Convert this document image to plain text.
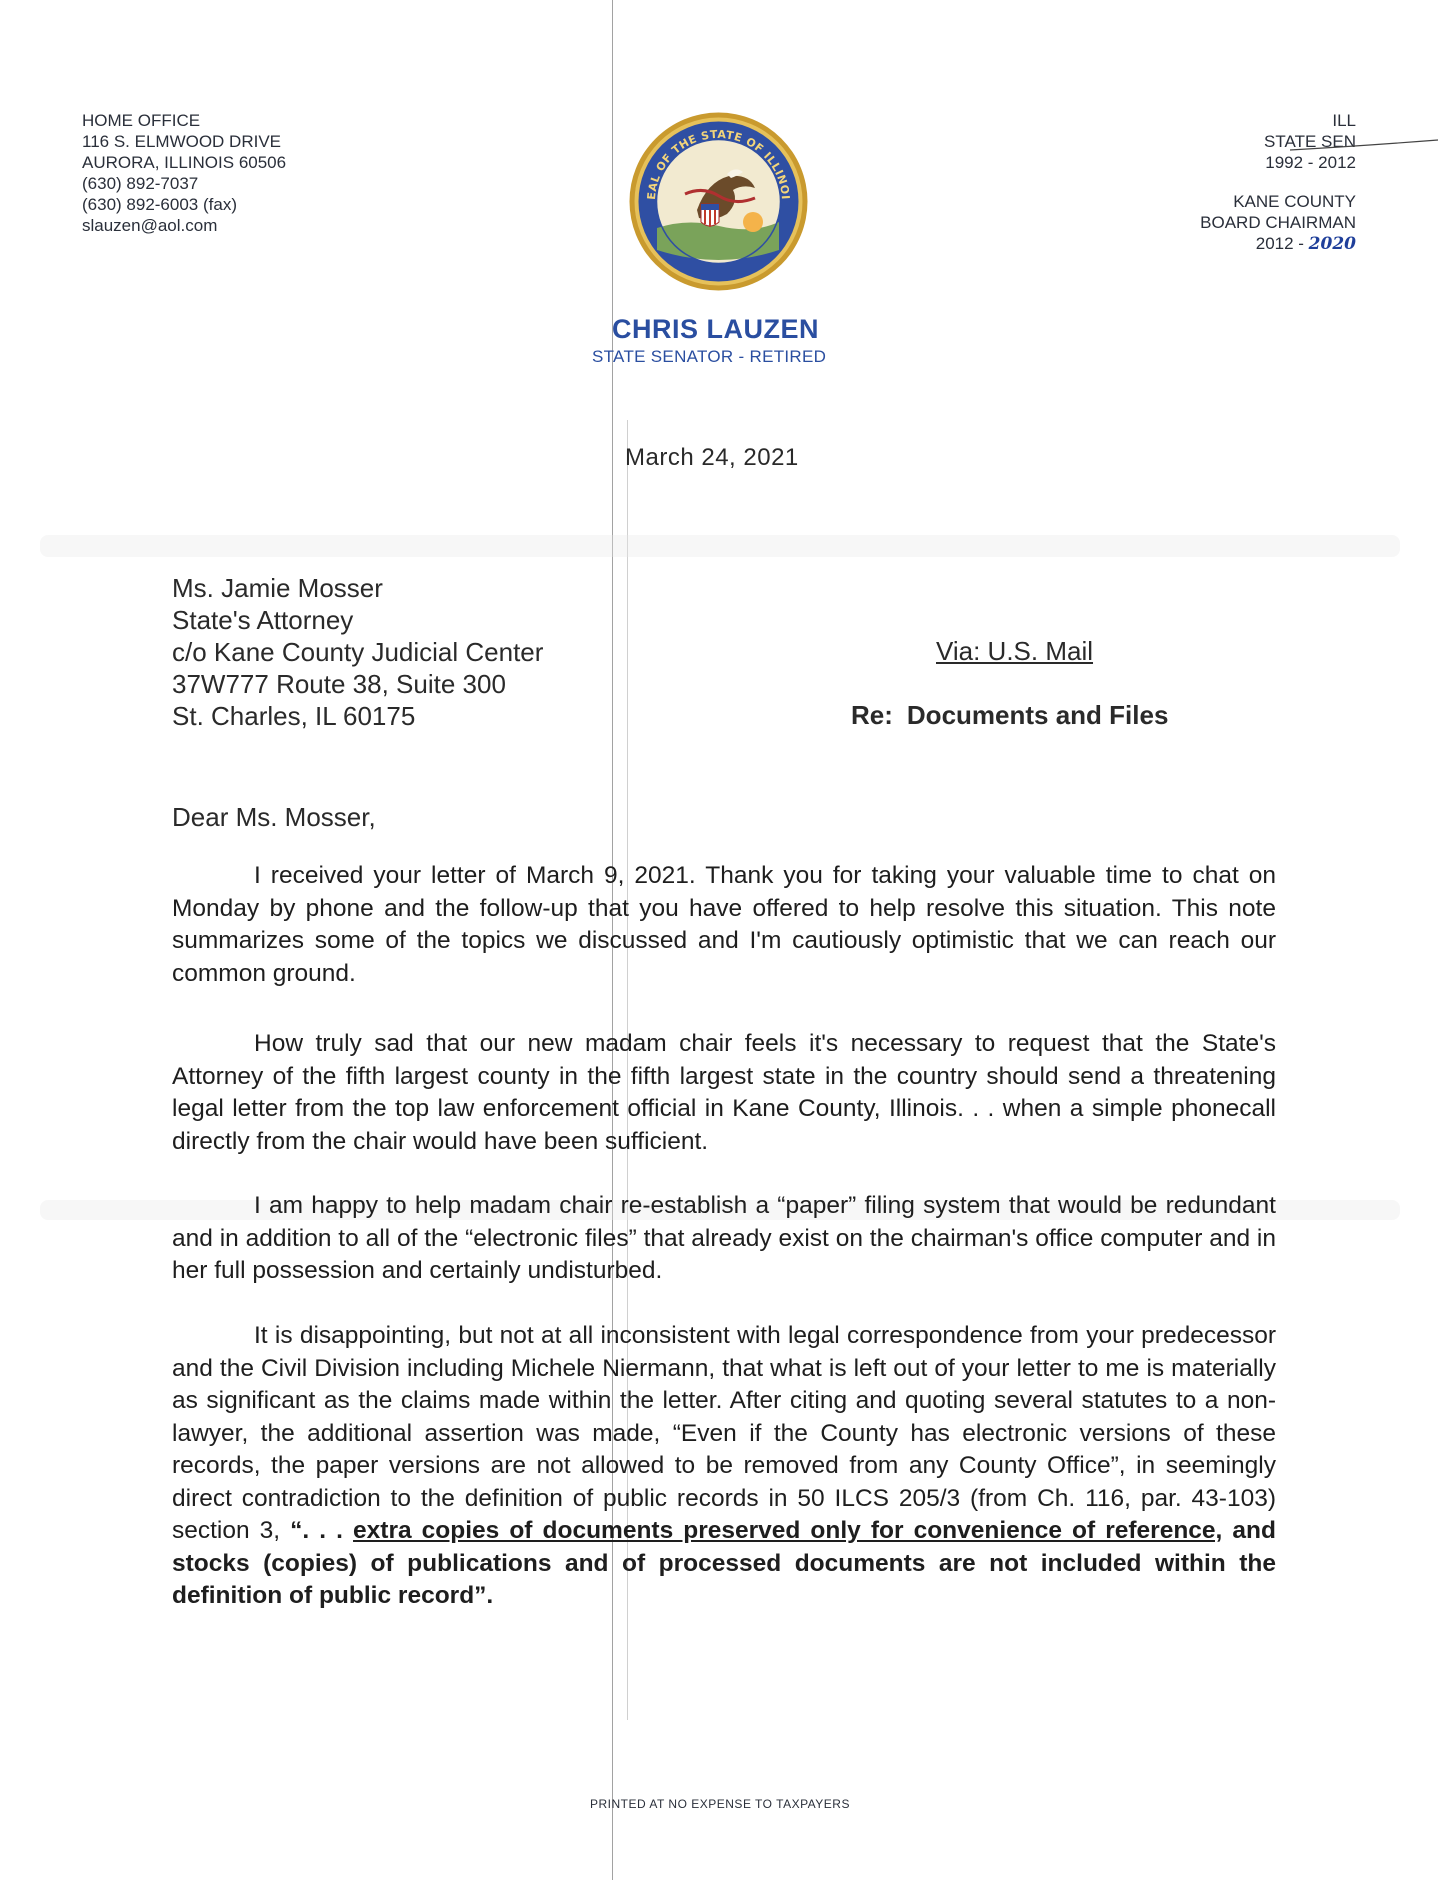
HOME OFFICE
116 S. ELMWOOD DRIVE
AURORA, ILLINOIS 60506
(630) 892-7037
(630) 892-6003 (fax)
slauzen@aol.com
ILL
STATE SEN
1992 - 2012
KANE COUNTY
BOARD CHAIRMAN
2012 - 2020
EAL OF THE STATE OF ILLINOI
CHRIS LAUZEN
STATE SENATOR - RETIRED
March 24, 2021
Ms. Jamie Mosser
State's Attorney
c/o Kane County Judicial Center
37W777 Route 38, Suite 300
St. Charles, IL 60175
Via: U.S. Mail
Re: Documents and Files
Dear Ms. Mosser,

I received your letter of March 9, 2021. Thank you for taking your valuable time to chat on Monday by phone and the follow-up that you have offered to help resolve this situation. This note summarizes some of the topics we discussed and I'm cautiously optimistic that we can reach our common ground.

How truly sad that our new madam chair feels it's necessary to request that the State's Attorney of the fifth largest county in the fifth largest state in the country should send a threatening legal letter from the top law enforcement official in Kane County, Illinois. . . when a simple phonecall directly from the chair would have been sufficient.

I am happy to help madam chair re-establish a “paper” filing system that would be redundant and in addition to all of the “electronic files” that already exist on the chairman's office computer and in her full possession and certainly undisturbed.

It is disappointing, but not at all inconsistent with legal correspondence from your predecessor and the Civil Division including Michele Niermann, that what is left out of your letter to me is materially as significant as the claims made within the letter. After citing and quoting several statutes to a non-lawyer, the additional assertion was made, “Even if the County has electronic versions of these records, the paper versions are not allowed to be removed from any County Office”, in seemingly direct contradiction to the definition of public records in 50 ILCS 205/3 (from Ch. 116, par. 43-103) section 3, “. . . extra copies of documents preserved only for convenience of reference, and stocks (copies) of publications and of processed documents are not included within the definition of public record”.

PRINTED AT NO EXPENSE TO TAXPAYERS
